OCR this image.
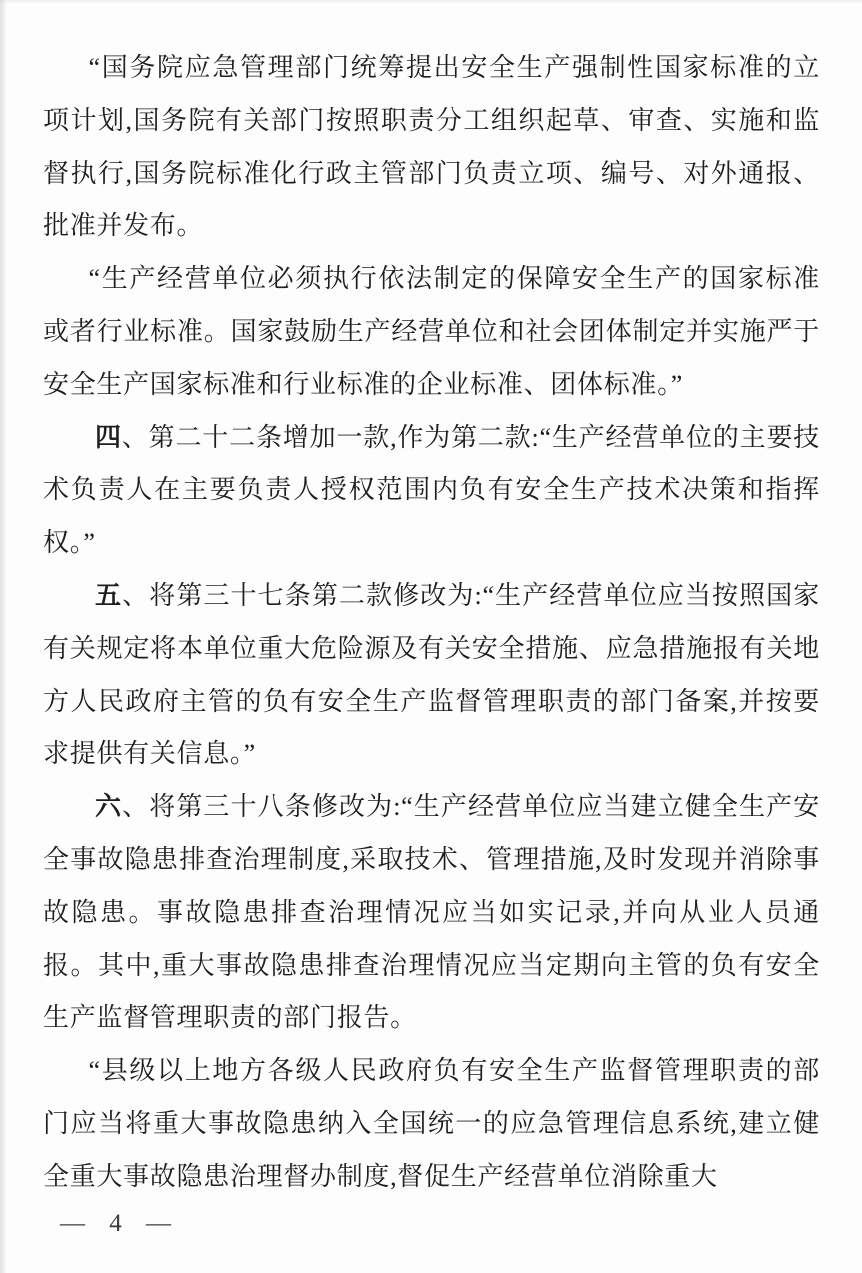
“国务院应急管理部门统筹提出安全生产强制性国家标准的立项计划,国务院有关部门按照职责分工组织起草、审查、实施和监督执行,国务院标准化行政主管部门负责立项、编号、对外通报、批准并发布。

“生产经营单位必须执行依法制定的保障安全生产的国家标准或者行业标准。国家鼓励生产经营单位和社会团体制定并实施严于安全生产国家标准和行业标准的企业标准、团体标准。”

四、第二十二条增加一款,作为第二款:“生产经营单位的主要技术负责人在主要负责人授权范围内负有安全生产技术决策和指挥权。”

五、将第三十七条第二款修改为:“生产经营单位应当按照国家有关规定将本单位重大危险源及有关安全措施、应急措施报有关地方人民政府主管的负有安全生产监督管理职责的部门备案,并按要求提供有关信息。”

六、将第三十八条修改为:“生产经营单位应当建立健全生产安全事故隐患排查治理制度,采取技术、管理措施,及时发现并消除事故隐患。事故隐患排查治理情况应当如实记录,并向从业人员通报。其中,重大事故隐患排查治理情况应当定期向主管的负有安全生产监督管理职责的部门报告。

“县级以上地方各级人民政府负有安全生产监督管理职责的部门应当将重大事故隐患纳入全国统一的应急管理信息系统,建立健全重大事故隐患治理督办制度,督促生产经营单位消除重大

— 4 —
